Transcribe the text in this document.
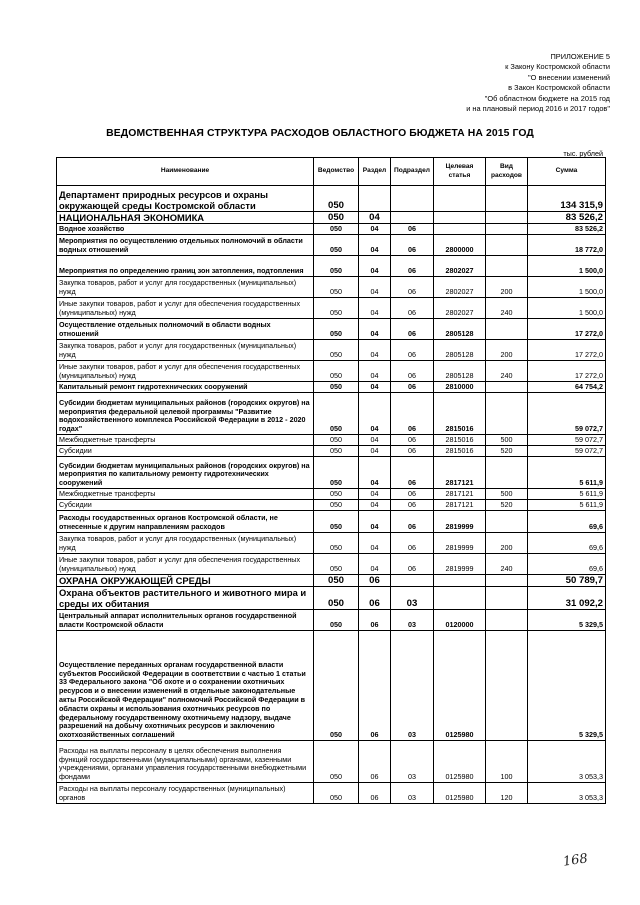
ПРИЛОЖЕНИЕ 5
к Закону Костромской области
"О внесении изменений
в Закон Костромской области
"Об областном бюджете на 2015 год
и на плановый период 2016 и 2017 годов"
ВЕДОМСТВЕННАЯ СТРУКТУРА РАСХОДОВ ОБЛАСТНОГО БЮДЖЕТА НА 2015 ГОД
тыс. рублей
Наименование	Ведомство	Раздел	Подраздел	Целевая статья	Вид расходов	Сумма
Департамент природных ресурсов и охраны окружающей среды Костромской области	050					134 315,9
НАЦИОНАЛЬНАЯ ЭКОНОМИКА	050	04				83 526,2
Водное хозяйство	050	04	06			83 526,2
Мероприятия по осуществлению отдельных полномочий в области водных отношений	050	04	06	2800000		18 772,0
Мероприятия по определению границ зон затопления, подтопления	050	04	06	2802027		1 500,0
Закупка товаров, работ и услуг для государственных (муниципальных) нужд	050	04	06	2802027	200	1 500,0
Иные закупки товаров, работ и услуг для обеспечения государственных (муниципальных) нужд	050	04	06	2802027	240	1 500,0
Осуществление отдельных полномочий в области водных отношений	050	04	06	2805128		17 272,0
Закупка товаров, работ и услуг для государственных (муниципальных) нужд	050	04	06	2805128	200	17 272,0
Иные закупки товаров, работ и услуг для обеспечения государственных (муниципальных) нужд	050	04	06	2805128	240	17 272,0
Капитальный ремонт гидротехнических сооружений	050	04	06	2810000		64 754,2
Субсидии бюджетам муниципальных районов (городских округов) на мероприятия федеральной целевой программы "Развитие водохозяйственного комплекса Российской Федерации в 2012 - 2020 годах"	050	04	06	2815016		59 072,7
Межбюджетные трансферты	050	04	06	2815016	500	59 072,7
Субсидии	050	04	06	2815016	520	59 072,7
Субсидии бюджетам муниципальных районов (городских округов) на мероприятия по капитальному ремонту гидротехнических сооружений	050	04	06	2817121		5 611,9
Межбюджетные трансферты	050	04	06	2817121	500	5 611,9
Субсидии	050	04	06	2817121	520	5 611,9
Расходы государственных органов Костромской области, не отнесенные к другим направлениям расходов	050	04	06	2819999		69,6
Закупка товаров, работ и услуг для государственных (муниципальных) нужд	050	04	06	2819999	200	69,6
Иные закупки товаров, работ и услуг для обеспечения государственных (муниципальных) нужд	050	04	06	2819999	240	69,6
ОХРАНА ОКРУЖАЮЩЕЙ СРЕДЫ	050	06				50 789,7
Охрана объектов растительного и животного мира и среды их обитания	050	06	03			31 092,2
Центральный аппарат исполнительных органов государственной власти Костромской области	050	06	03	0120000		5 329,5
Осуществление переданных органам государственной власти субъектов Российской Федерации в соответствии с частью 1 статьи 33 Федерального закона "Об охоте и о сохранении охотничьих ресурсов и о внесении изменений в отдельные законодательные акты Российской Федерации" полномочий Российской Федерации в области охраны и использования охотничьих ресурсов по федеральному государственному охотничьему надзору, выдаче разрешений на добычу охотничьих ресурсов и заключению охотхозяйственных соглашений	050	06	03	0125980		5 329,5
Расходы на выплаты персоналу в целях обеспечения выполнения функций государственными (муниципальными) органами, казенными учреждениями, органами управления государственными внебюджетными фондами	050	06	03	0125980	100	3 053,3
Расходы на выплаты персоналу государственных (муниципальных) органов	050	06	03	0125980	120	3 053,3
168
